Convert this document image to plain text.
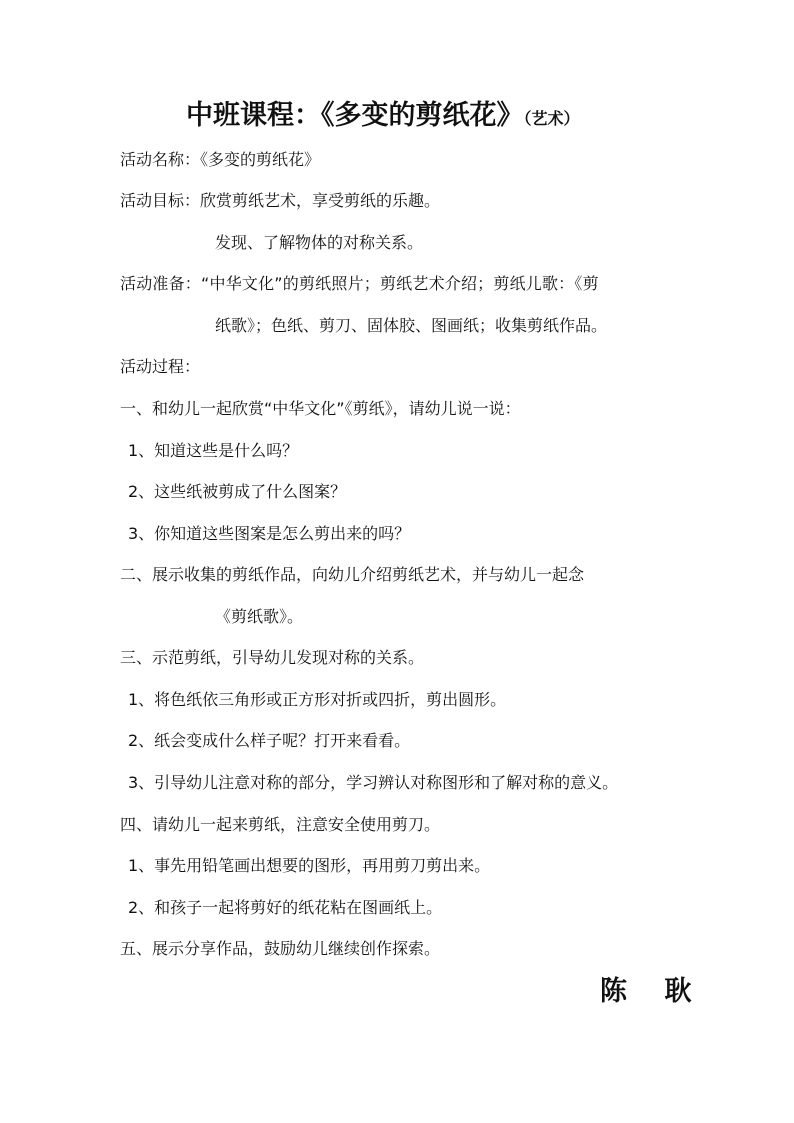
中班课程：《多变的剪纸花》（艺术）
活动名称：《多变的剪纸花》
活动目标：欣赏剪纸艺术，享受剪纸的乐趣。
发现、了解物体的对称关系。
活动准备：“中华文化”的剪纸照片；剪纸艺术介绍；剪纸儿歌：《剪
纸歌》；色纸、剪刀、固体胶、图画纸；收集剪纸作品。
活动过程：
一、和幼儿一起欣赏“中华文化”《剪纸》，请幼儿说一说：
1、知道这些是什么吗？
2、这些纸被剪成了什么图案？
3、你知道这些图案是怎么剪出来的吗？
二、展示收集的剪纸作品，向幼儿介绍剪纸艺术，并与幼儿一起念
《剪纸歌》。
三、示范剪纸，引导幼儿发现对称的关系。
1、将色纸依三角形或正方形对折或四折，剪出圆形。
2、纸会变成什么样子呢？打开来看看。
3、引导幼儿注意对称的部分，学习辨认对称图形和了解对称的意义。
四、请幼儿一起来剪纸，注意安全使用剪刀。
1、事先用铅笔画出想要的图形，再用剪刀剪出来。
2、和孩子一起将剪好的纸花粘在图画纸上。
五、展示分享作品，鼓励幼儿继续创作探索。
陈 耿
